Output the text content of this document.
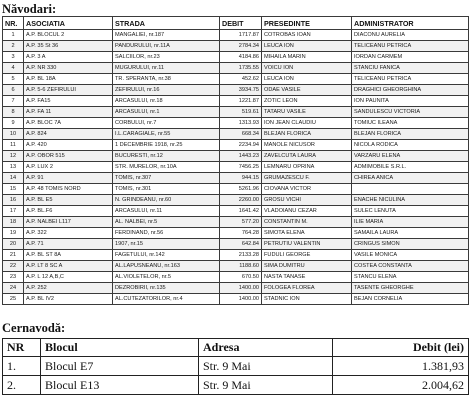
Năvodari:
NR.	ASOCIATIA	STRADA	DEBIT	PRESEDINTE	ADMINISTRATOR
1	A.P. BLOCUL 2	MANGALIEI, nr.187	1717.87	COTROBAS IOAN	DIACONU AURELIA
2	A.P. 35 St 36	PANDURULUI, nr.11A	2784.34	LEUCA ION	TELICEANU PETRICA
3	A.P. 3 A	SALCIILOR, nr.23	4184.86	MIHAILA MARIN	IORDAN CARMEM
4	A.P. NR 330	MUGURULUI, nr.11	1735.55	VOICU ION	STANCIU FANICA
5	A.P. BL 18A	TR. SPERANTA, nr.38	452.62	LEUCA ION	TELICEANU PETRICA
6	A.P. 5-6 ZEFIRULUI	ZEFIRULUI, nr.16	3934.75	ODAE VASILE	DRAGHICI GHEORGHINA
7	A.P. FA15	ARCASULUI, nr.18	1221.87	ZOTIC LEON	ION PAUNITA
8	A.P. FA 11	ARCASULUI, nr.1	519.61	TATARU VASILE	SANDULESCU VICTORIA
9	A.P. BLOC 7A	CORBULUI, nr.7	1313.93	ION JEAN CLAUDIU	TOMIUC ILEANA
10	A.P. 824	I.L.CARAGIALE, nr.55	668.34	BLEJAN FLORICA	BLEJAN FLORICA
11	A.P. 420	1 DECEMBRIE 1918, nr.25	2234.94	MANOLE NICUSOR	NICOLA RODICA
12	A.P. OBOR 515	BUCURESTI, nr.12	1443.23	ZAVELCUTA LAURA	VARZARU ELENA
13	A.P. LUX 2	STR. MURELOR, nr.10A	7456.25	LEMNARU OPRINA	ADMIMOBILE S.R.L.
14	A.P. 91	TOMIS, nr.307	944.15	GRUMAZESCU F.	CHIREA ANICA
15	A.P. 48 TOMIS NORD	TOMIS, nr.301	5261.96	CIOVANA VICTOR	
16	A.P. BL E5	N. GRINDEANU, nr.60	2260.00	GROSU VICHI	ENACHE NICULINA
17	A.P. BL.F6	ARCASULUI, nr.11	1641.42	VLADOIANU CEZAR	SULEC LENUTA
18	A.P. NALBEI L117	AL. NALBEI, nr.5	577.20	CONSTANTIN M.	ILIE MARIA
19	A.P. 322	FERDINAND, nr.56	764.28	SIMOTA ELENA	SAMAILA LAURA
20	A.P. 71	1907, nr.15	642.84	PETRUTIU VALENTIN	CRINGUS SIMON
21	A.P. BL ST 8A	FAGETULUI, nr.142	2133.28	FUDULI GEORGE	VASILE MONICA
22	A.P. LT 8 SC A	AL.LAPUSNEANU, nr.163	1188.60	SIMA DUMITRU	COSTEA CONSTANTA
23	A.P. L 12 A,B,C	AL.VIOLETELOR, nr.5	670.50	NASTA TANASE	STANCU ELENA
24	A.P. 252	DEZROBIRII, nr.135	1400.00	FOLOGEA FLOREA	TASENTE GHEORGHE
25	A.P. BL IV2	AL.CUTEZATORILOR, nr.4	1400.00	STADNIC ION	BEJAN CORNELIA
Cernavodă:
NR	Blocul	Adresa	Debit (lei)
1.	Blocul E7	Str. 9 Mai	1.381,93
2.	Blocul E13	Str. 9 Mai	2.004,62
